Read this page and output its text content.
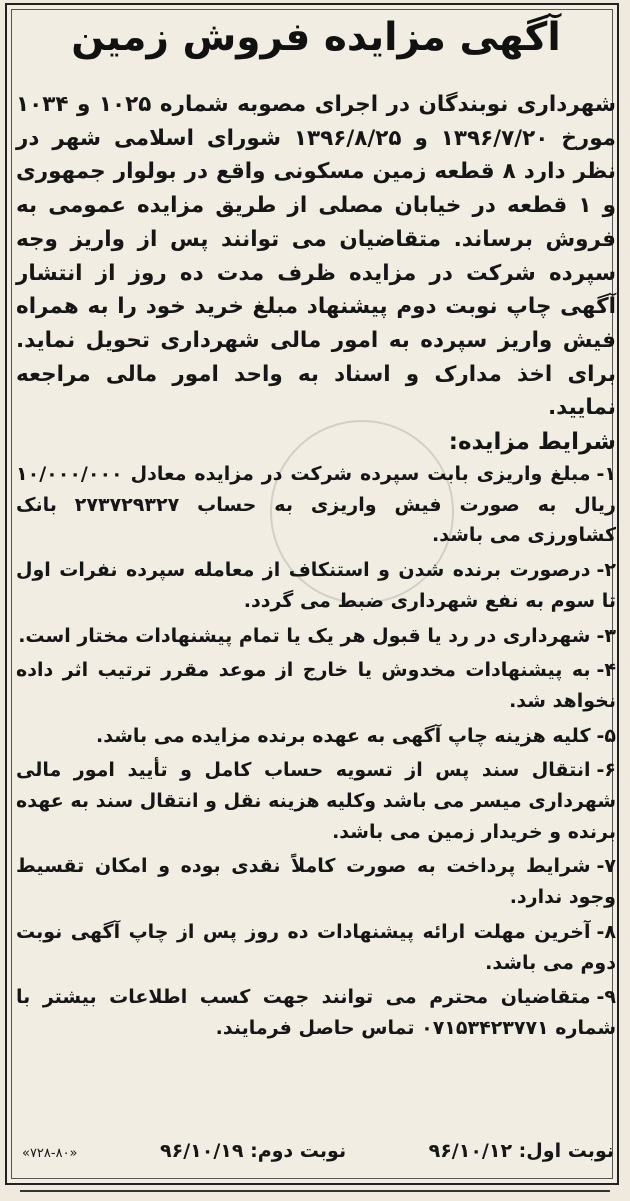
آگهی مزایده فروش زمین

شهرداری نوبندگان در اجرای مصوبه شماره ۱۰۲۵ و ۱۰۳۴ مورخ ۱۳۹۶/۷/۲۰ و ۱۳۹۶/۸/۲۵ شورای اسلامی شهر در نظر دارد ۸ قطعه زمین مسکونی واقع در بولوار جمهوری و ۱ قطعه در خیابان مصلی از طریق مزایده عمومی به فروش برساند. متقاضیان می توانند پس از واریز وجه سپرده شرکت در مزایده ظرف مدت ده روز از انتشار آگهی چاپ نوبت دوم پیشنهاد مبلغ خرید خود را به همراه فیش واریز سپرده به امور مالی شهرداری تحویل نماید. برای اخذ مدارک و اسناد به واحد امور مالی مراجعه نمایید.

شرایط مزایده:

۱-مبلغ واریزی بابت سپرده شرکت در مزایده معادل ۱۰/۰۰۰/۰۰۰ ریال به صورت فیش واریزی به حساب ۲۷۳۷۲۹۳۲۷ بانک کشاورزی می باشد.

۲-درصورت برنده شدن و استنکاف از معامله سپرده نفرات اول تا سوم به نفع شهرداری ضبط می گردد.

۳-شهرداری در رد یا قبول هر یک یا تمام پیشنهادات مختار است.

۴-به پیشنهادات مخدوش یا خارج از موعد مقرر ترتیب اثر داده نخواهد شد.

۵-کلیه هزینه چاپ آگهی به عهده برنده مزایده می باشد.

۶-انتقال سند پس از تسویه حساب کامل و تأیید امور مالی شهرداری میسر می باشد وکلیه هزینه نقل و انتقال سند به عهده برنده و خریدار زمین می باشد.

۷-شرایط پرداخت به صورت کاملاً نقدی بوده و امکان تقسیط وجود ندارد.

۸-آخرین مهلت ارائه پیشنهادات ده روز پس از چاپ آگهی نوبت دوم می باشد.

۹-متقاضیان محترم می توانند جهت کسب اطلاعات بیشتر با شماره ۰۷۱۵۳۴۲۳۷۷۱ تماس حاصل فرمایند.

نوبت اول: ۹۶/۱۰/۱۲
نوبت دوم: ۹۶/۱۰/۱۹
«۷۲۸-۸۰»
